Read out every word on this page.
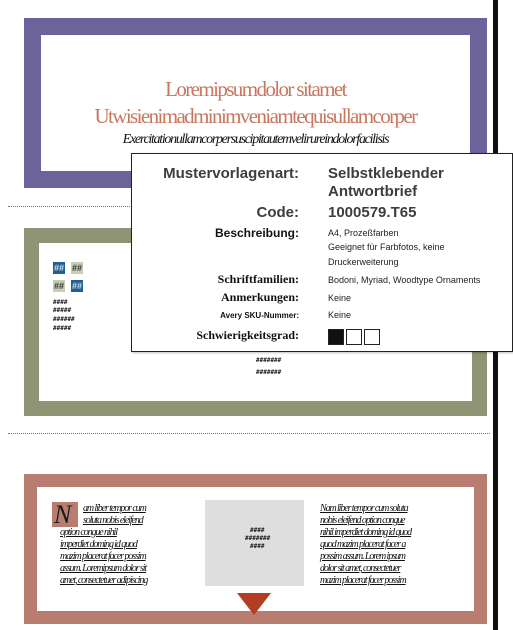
Loremipsumdolor sitamet
Utwisienimadminimveniamtequisullamcorper
Exercitationullamcorpersuscipitautemvelirureindolorfacilisis
## ##
## ##
####
#####
######
#####
#######
#######
N am liber tempor cum
soluta nobis eleifend
option congue nihil
imperdiet doming id quod
mazim placerat facer possim
assum. Loremipsum dolor sit
amet, consectetuer adipiscing
####
#######
####
Nam liber tempor cum soluta
nobis eleifend option congue
nihil imperdiet doming id quod
quod mazim placerat facer a
possim assum. Lorem ipsum
dolor sit amet, consectetuer
mazim placerat facer possim
Mustervorlagenart: Selbstklebender
Antwortbrief
Code: 1000579.T65
Beschreibung:	A4, Prozeßfarben
Geeignet für Farbfotos, keine
Druckerweiterung
Schriftfamilien:	Bodoni, Myriad, Woodtype Ornaments
Anmerkungen:	Keine
Avery SKU-Nummer:	Keine
Schwierigkeitsgrad:
